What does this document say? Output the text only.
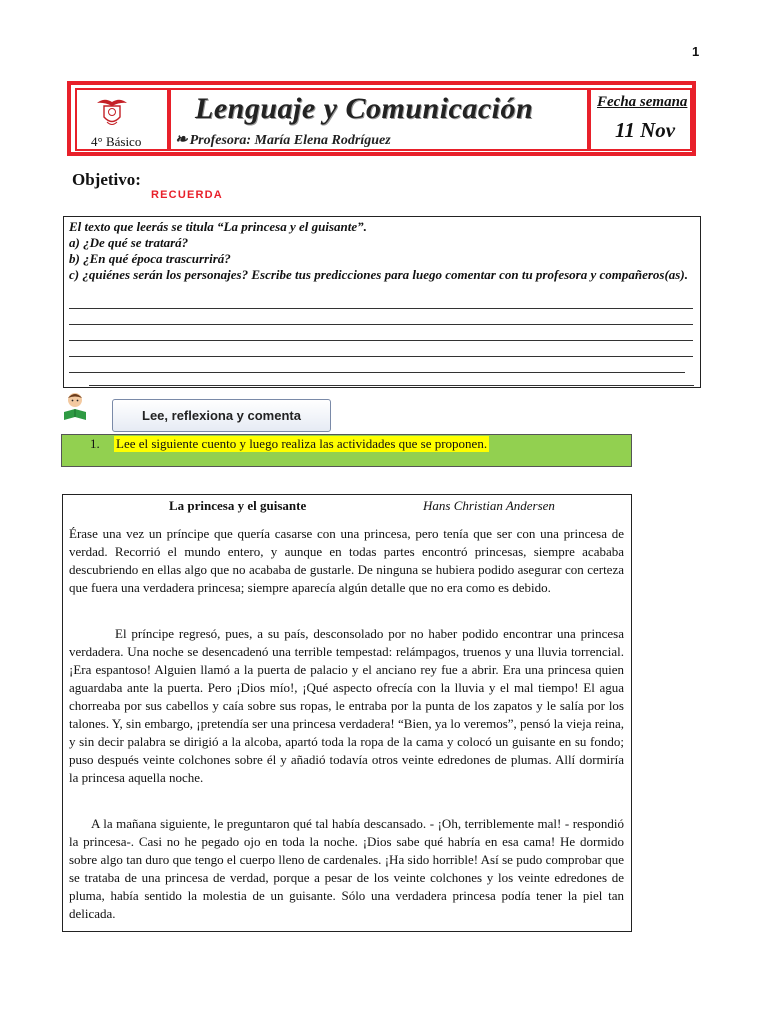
1
4° Básico
Lenguaje y Comunicación
❧ Profesora: María Elena Rodríguez
Fecha semana
11 Nov
Objetivo:
RECUERDA
El texto que leerás se titula “La princesa y el guisante”.
a) ¿De qué se tratará?
b) ¿En qué época trascurrirá?
c) ¿quiénes serán los personajes? Escribe tus predicciones para luego comentar con tu profesora y compañeros(as).
Lee, reflexiona y comenta
1. Lee el siguiente cuento y luego realiza las actividades que se proponen.
La princesa y el guisante	Hans Christian Andersen

Érase una vez un príncipe que quería casarse con una princesa, pero tenía que ser con una princesa de verdad. Recorrió el mundo entero, y aunque en todas partes encontró princesas, siempre acababa descubriendo en ellas algo que no acababa de gustarle. De ninguna se hubiera podido asegurar con certeza que fuera una verdadera princesa; siempre aparecía algún detalle que no era como es debido.

El príncipe regresó, pues, a su país, desconsolado por no haber podido encontrar una princesa verdadera. Una noche se desencadenó una terrible tempestad: relámpagos, truenos y una lluvia torrencial. ¡Era espantoso! Alguien llamó a la puerta de palacio y el anciano rey fue a abrir. Era una princesa quien aguardaba ante la puerta. Pero ¡Dios mío!, ¡Qué aspecto ofrecía con la lluvia y el mal tiempo! El agua chorreaba por sus cabellos y caía sobre sus ropas, le entraba por la punta de los zapatos y le salía por los talones. Y, sin embargo, ¡pretendía ser una princesa verdadera! “Bien, ya lo veremos”, pensó la vieja reina, y sin decir palabra se dirigió a la alcoba, apartó toda la ropa de la cama y colocó un guisante en su fondo; puso después veinte colchones sobre él y añadió todavía otros veinte edredones de plumas. Allí dormiría la princesa aquella noche.

A la mañana siguiente, le preguntaron qué tal había descansado. - ¡Oh, terriblemente mal! - respondió la princesa-. Casi no he pegado ojo en toda la noche. ¡Dios sabe qué habría en esa cama! He dormido sobre algo tan duro que tengo el cuerpo lleno de cardenales. ¡Ha sido horrible! Así se pudo comprobar que se trataba de una princesa de verdad, porque a pesar de los veinte colchones y los veinte edredones de pluma, había sentido la molestia de un guisante. Sólo una verdadera princesa podía tener la piel tan delicada.
